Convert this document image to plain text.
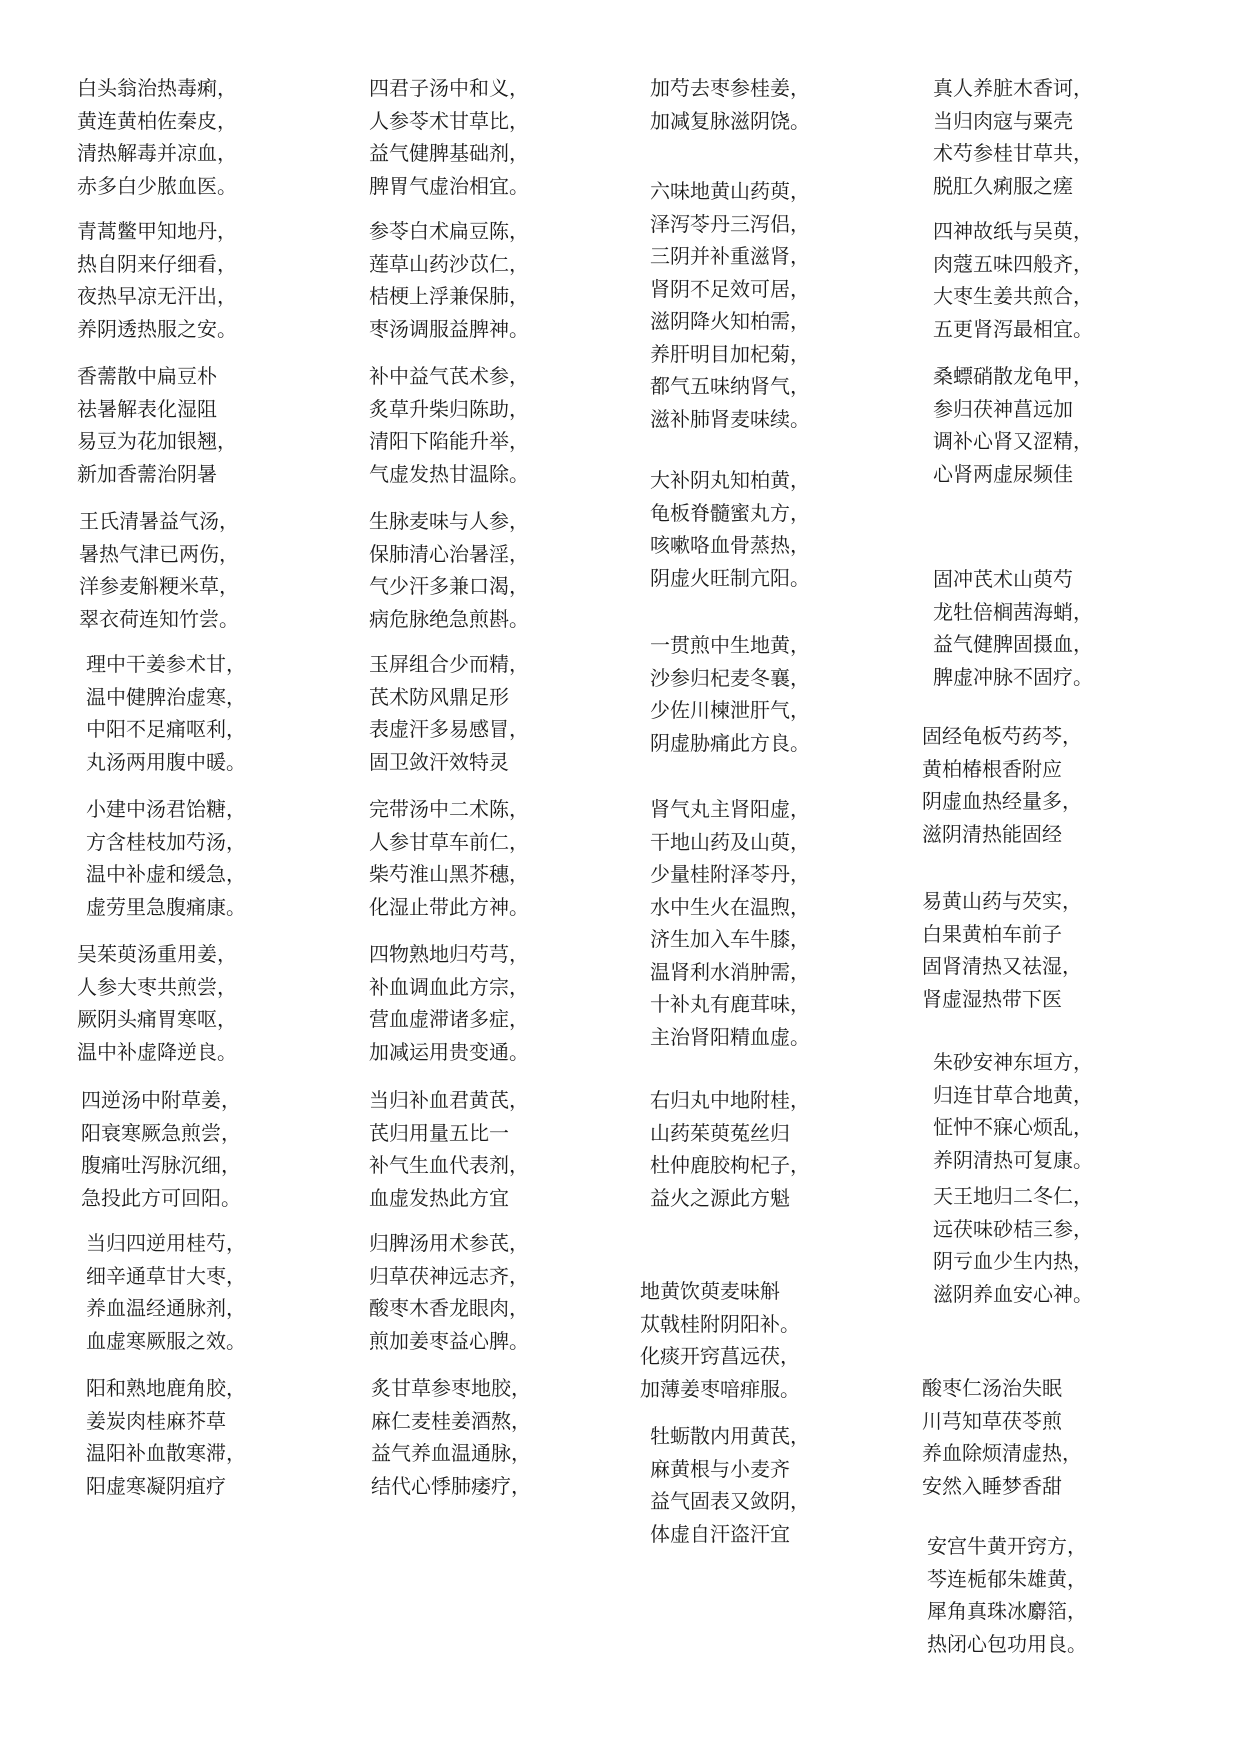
白头翁治热毒痢，
黄连黄柏佐秦皮，
清热解毒并凉血，
赤多白少脓血医。
青蒿鳖甲知地丹，
热自阴来仔细看，
夜热早凉无汗出，
养阴透热服之安。
香薷散中扁豆朴
祛暑解表化湿阻
易豆为花加银翘，
新加香薷治阴暑
王氏清暑益气汤，
暑热气津已两伤，
洋参麦斛粳米草，
翠衣荷连知竹尝。
理中干姜参术甘，
温中健脾治虚寒，
中阳不足痛呕利，
丸汤两用腹中暖。
小建中汤君饴糖，
方含桂枝加芍汤，
温中补虚和缓急，
虚劳里急腹痛康。
吴茱萸汤重用姜，
人参大枣共煎尝，
厥阴头痛胃寒呕，
温中补虚降逆良。
四逆汤中附草姜，
阳衰寒厥急煎尝，
腹痛吐泻脉沉细，
急投此方可回阳。
当归四逆用桂芍，
细辛通草甘大枣，
养血温经通脉剂，
血虚寒厥服之效。
阳和熟地鹿角胶，
姜炭肉桂麻芥草
温阳补血散寒滞，
阳虚寒凝阴疽疗
四君子汤中和义，
人参苓术甘草比，
益气健脾基础剂，
脾胃气虚治相宜。
参苓白术扁豆陈，
莲草山药沙苡仁，
桔梗上浮兼保肺，
枣汤调服益脾神。
补中益气芪术参，
炙草升柴归陈助，
清阳下陷能升举，
气虚发热甘温除。
生脉麦味与人参，
保肺清心治暑淫，
气少汗多兼口渴，
病危脉绝急煎斟。
玉屏组合少而精，
芪术防风鼎足形
表虚汗多易感冒，
固卫敛汗效特灵
完带汤中二术陈，
人参甘草车前仁，
柴芍淮山黑芥穗，
化湿止带此方神。
四物熟地归芍芎，
补血调血此方宗，
营血虚滞诸多症，
加减运用贵变通。
当归补血君黄芪，
芪归用量五比一
补气生血代表剂，
血虚发热此方宜
归脾汤用术参芪，
归草茯神远志齐，
酸枣木香龙眼肉，
煎加姜枣益心脾。
炙甘草参枣地胶，
麻仁麦桂姜酒熬，
益气养血温通脉，
结代心悸肺痿疗，
加芍去枣参桂姜，
加减复脉滋阴饶。
六味地黄山药萸，
泽泻苓丹三泻侣，
三阴并补重滋肾，
肾阴不足效可居，
滋阴降火知柏需，
养肝明目加杞菊，
都气五味纳肾气，
滋补肺肾麦味续。
大补阴丸知柏黄，
龟板脊髓蜜丸方，
咳嗽咯血骨蒸热，
阴虚火旺制亢阳。
一贯煎中生地黄，
沙参归杞麦冬襄，
少佐川楝泄肝气，
阴虚胁痛此方良。
肾气丸主肾阳虚，
干地山药及山萸，
少量桂附泽苓丹，
水中生火在温煦，
济生加入车牛膝，
温肾利水消肿需，
十补丸有鹿茸味，
主治肾阳精血虚。
右归丸中地附桂，
山药茱萸菟丝归
杜仲鹿胶枸杞子，
益火之源此方魁
地黄饮萸麦味斛
苁戟桂附阴阳补。
化痰开窍菖远茯，
加薄姜枣喑痱服。
牡蛎散内用黄芪，
麻黄根与小麦齐
益气固表又敛阴，
体虚自汗盗汗宜
真人养脏木香诃，
当归肉寇与粟壳
术芍参桂甘草共，
脱肛久痢服之瘥
四神故纸与吴萸，
肉蔻五味四般齐，
大枣生姜共煎合，
五更肾泻最相宜。
桑螵硝散龙龟甲，
参归茯神菖远加
调补心肾又涩精，
心肾两虚尿频佳
固冲芪术山萸芍
龙牡倍榈茜海蛸，
益气健脾固摄血，
脾虚冲脉不固疗。
固经龟板芍药芩，
黄柏椿根香附应
阴虚血热经量多，
滋阴清热能固经
易黄山药与芡实，
白果黄柏车前子
固肾清热又祛湿，
肾虚湿热带下医
朱砂安神东垣方，
归连甘草合地黄，
怔忡不寐心烦乱，
养阴清热可复康。
天王地归二冬仁，
远茯味砂桔三参，
阴亏血少生内热，
滋阴养血安心神。
酸枣仁汤治失眠
川芎知草茯苓煎
养血除烦清虚热，
安然入睡梦香甜
安宫牛黄开窍方，
芩连栀郁朱雄黄，
犀角真珠冰麝箔，
热闭心包功用良。
